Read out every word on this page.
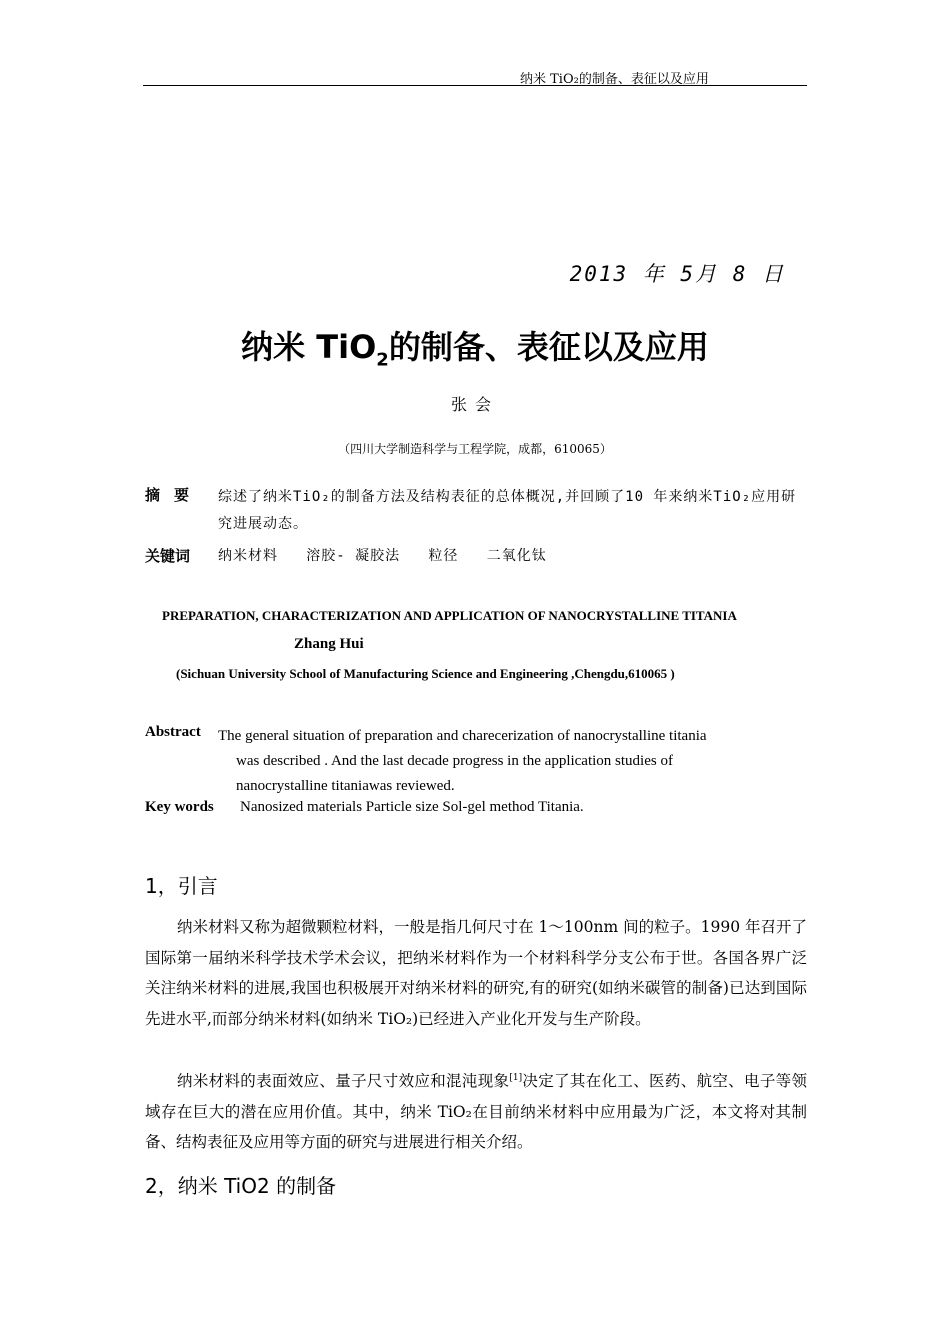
纳米 TiO₂的制备、表征以及应用
2013 年 5月 8 日
纳米 TiO$_2$的制备、表征以及应用
张会
（四川大学制造科学与工程学院，成都，610065）
摘要 综述了纳米TiO₂的制备方法及结构表征的总体概况,并回顾了10 年来纳米TiO₂应用研究进展动态。
关键词 纳米材料   溶胶- 凝胶法   粒径   二氧化钛
PREPARATION, CHARACTERIZATION AND APPLICATION OF NANOCRYSTALLINE TITANIA
Zhang Hui
(Sichuan University School of Manufacturing Science and Engineering ,Chengdu,610065 )
Abstract The general situation of preparation and charecerization of nanocrystalline titania

was described . And the last decade progress in the application studies of

nanocrystalline titaniawas reviewed.

Key words Nanosized materials Particle size Sol-gel method Titania.
1，引言
纳米材料又称为超微颗粒材料，一般是指几何尺寸在 1～100nm 间的粒子。1990 年召开了国际第一届纳米科学技术学术会议，把纳米材料作为一个材料科学分支公布于世。各国各界广泛关注纳米材料的进展,我国也积极展开对纳米材料的研究,有的研究(如纳米碳管的制备)已达到国际先进水平,而部分纳米材料(如纳米 TiO₂)已经进入产业化开发与生产阶段。
纳米材料的表面效应、量子尺寸效应和混沌现象[1]决定了其在化工、医药、航空、电子等领域存在巨大的潜在应用价值。其中，纳米 TiO₂在目前纳米材料中应用最为广泛，本文将对其制备、结构表征及应用等方面的研究与进展进行相关介绍。
2，纳米 TiO2 的制备
